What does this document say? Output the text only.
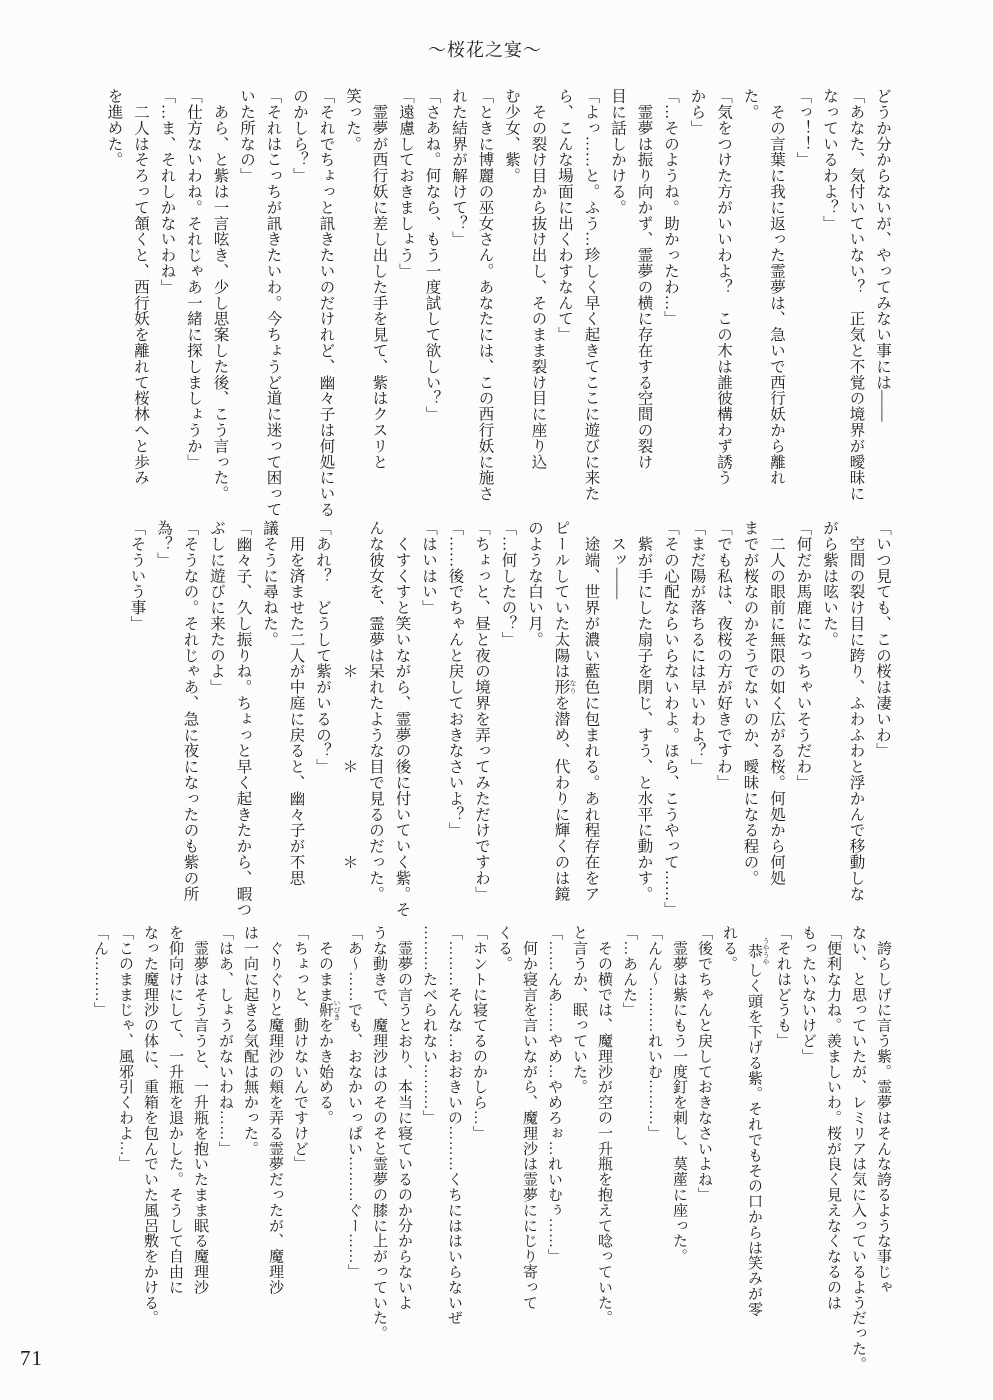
～桜花之宴～
どうか分からないが、やってみない事には――
「あなた、気付いていない？　正気と不覚の境界が曖昧に
なっているわよ？」
「っ！！」
　その言葉に我に返った霊夢は、急いで西行妖から離れ
た。
「気をつけた方がいいわよ？　この木は誰彼構わず誘う
から」
「…そのようね。助かったわ…」
　霊夢は振り向かず、霊夢の横に存在する空間の裂け
目に話しかける。
「よっ……と。ふう…珍しく早く起きてここに遊びに来た
ら、こんな場面に出くわすなんて」
　その裂け目から抜け出し、そのまま裂け目に座り込
む少女、紫。
「ときに博麗の巫女さん。あなたには、この西行妖に施さ
れた結界が解けて？」
「さあね。何なら、もう一度試して欲しい？」
「遠慮しておきましょう」
　霊夢が西行妖に差し出した手を見て、紫はクスリと
笑った。
「それでちょっと訊きたいのだけれど、幽々子は何処にいる
のかしら？」
「それはこっちが訊きたいわ。今ちょうど道に迷って困って
いた所なの」
　あら、と紫は一言呟き、少し思案した後、こう言った。
「仕方ないわね。それじゃあ一緒に探しましょうか」
「…ま、それしかないわね」
　二人はそろって頷くと、西行妖を離れて桜林へと歩み
を進めた。
「いつ見ても、この桜は凄いわ」
　空間の裂け目に跨り、ふわふわと浮かんで移動しな
がら紫は呟いた。
「何だか馬鹿になっちゃいそうだわ」
　二人の眼前に無限の如く広がる桜。何処から何処
までが桜なのかそうでないのか、曖昧になる程の。
「でも私は、夜桜の方が好きですわ」
「まだ陽が落ちるには早いわよ？」
「その心配ならいらないわよ。ほら、こうやって……」
　紫が手にした扇子を閉じ、すう、と水平に動かす。
　スッ――
　途端、世界が濃い藍色に包まれる。あれ程存在をア
ピールしていた太陽は形 なりを潜め、代わりに輝くのは鏡
のような白い月。
「…何したの？」
「ちょっと、昼と夜の境界を弄ってみただけですわ」
「……後でちゃんと戻しておきなさいよ？」
「はいはい」
　くすくすと笑いながら、霊夢の後に付いていく紫。そ
んな彼女を、霊夢は呆れたような目で見るのだった。
　　　　　　　　　＊　　　　　＊　　　　　＊
「あれ？　どうして紫がいるの？」
　用を済ませた二人が中庭に戻ると、幽々子が不思
議そうに尋ねた。
「幽々子、久し振りね。ちょっと早く起きたから、暇つ
ぶしに遊びに来たのよ」
「そうなの。それじゃあ、急に夜になったのも紫の所
為？」
「そういう事」
　誇らしげに言う紫。霊夢はそんな誇るような事じゃ
ない、と思っていたが、レミリアは気に入っているようだった。
「便利な力ね。羨ましいわ。桜が良く見えなくなるのは
もったいないけど」
「それはどうも」
　恭 うやうやしく頭を下げる紫。それでもその口からは笑みが零
れる。
「後でちゃんと戻しておきなさいよね」
　霊夢は紫にもう一度釘を刺し、茣蓙に座った。
「んん〜………れいむ………」
「…あんた」
　その横では、魔理沙が空の一升瓶を抱えて唸っていた。
と言うか、眠っていた。
「……んあ……やめ…やめろぉ…れいむぅ……」
　何か寝言を言いながら、魔理沙は霊夢ににじり寄って
くる。
「ホントに寝てるのかしら…」
「………そんな…おおきいの………くちにははいらないぜ
………たべられない………」
　霊夢の言うとおり、本当に寝ているのか分からないよ
うな動きで、魔理沙はのそのそと霊夢の膝に上がっていた。
「あ〜……でも、おなかいっぱい………ぐー……」
　そのまま鼾 いびきをかき始める。
「ちょっと、動けないんですけど」
　ぐりぐりと魔理沙の頬を弄る霊夢だったが、魔理沙
は一向に起きる気配は無かった。
「はあ、しょうがないわね……」
　霊夢はそう言うと、一升瓶を抱いたまま眠る魔理沙
を仰向けにして、一升瓶を退かした。そうして自由に
なった魔理沙の体に、重箱を包んでいた風呂敷をかける。
「このままじゃ、風邪引くわよ…」
「ん………」
71
